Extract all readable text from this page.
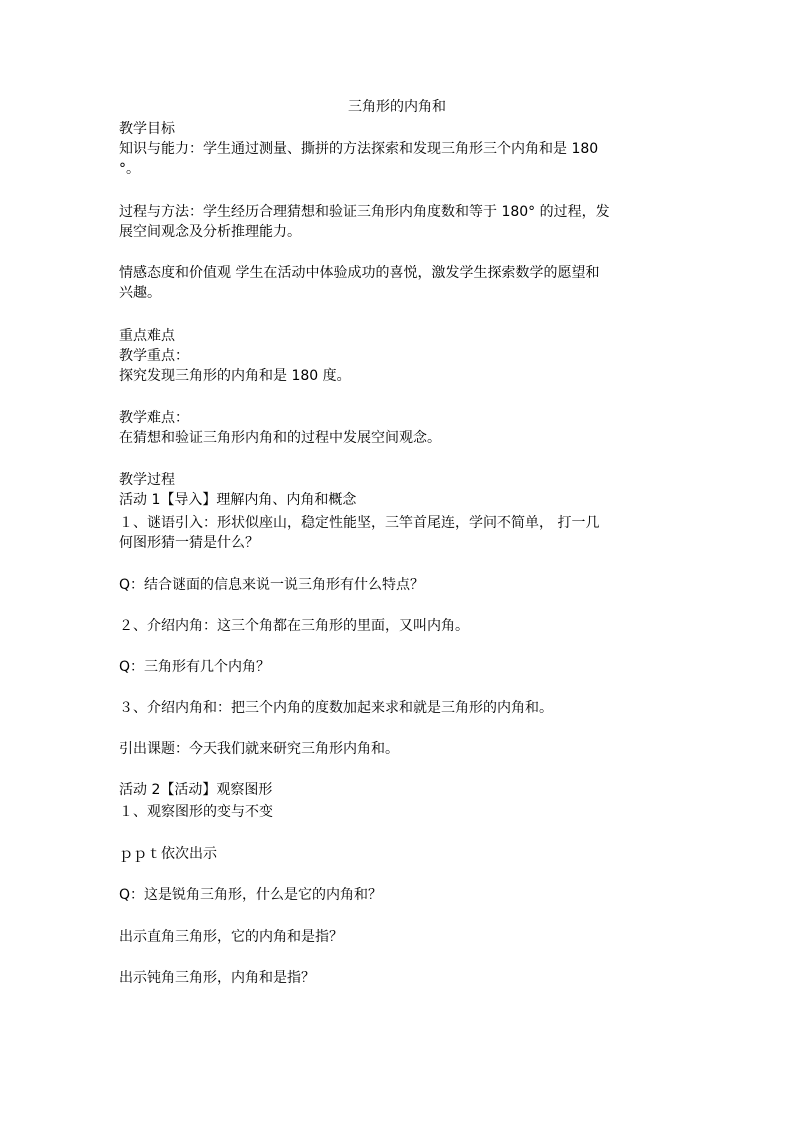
三角形的内角和
教学目标
知识与能力：学生通过测量、撕拼的方法探索和发现三角形三个内角和是 180
°。
过程与方法：学生经历合理猜想和验证三角形内角度数和等于 180° 的过程，发
展空间观念及分析推理能力。
情感态度和价值观 学生在活动中体验成功的喜悦，激发学生探索数学的愿望和
兴趣。
重点难点
教学重点：
探究发现三角形的内角和是 180 度。
教学难点：
在猜想和验证三角形内角和的过程中发展空间观念。
教学过程
活动 1【导入】理解内角、内角和概念
１、谜语引入：形状似座山，稳定性能坚，三竿首尾连，学问不简单， 打一几
何图形猜一猜是什么？
Q：结合谜面的信息来说一说三角形有什么特点？
２、介绍内角：这三个角都在三角形的里面，又叫内角。
Q：三角形有几个内角？
３、介绍内角和：把三个内角的度数加起来求和就是三角形的内角和。
引出课题：今天我们就来研究三角形内角和。
活动 2【活动】观察图形
１、观察图形的变与不变
ｐｐｔ依次出示
Q：这是锐角三角形，什么是它的内角和？
出示直角三角形，它的内角和是指？
出示钝角三角形，内角和是指？
